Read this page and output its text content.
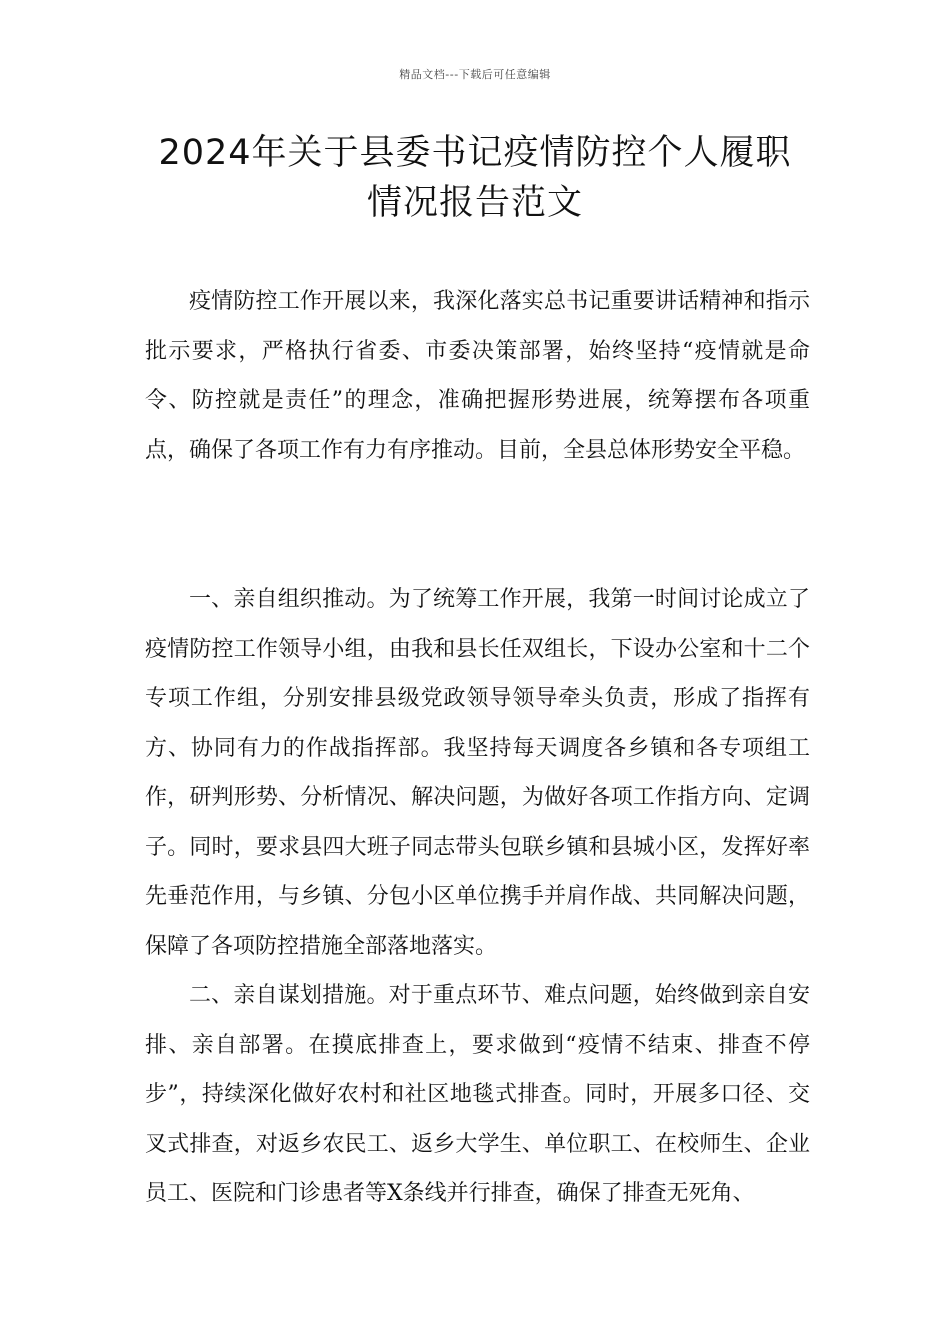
精品文档---下载后可任意编辑
2024年关于县委书记疫情防控个人履职
情况报告范文

疫情防控工作开展以来，我深化落实总书记重要讲话精神和指示批示要求，严格执行省委、市委决策部署，始终坚持“疫情就是命令、防控就是责任”的理念，准确把握形势进展，统筹摆布各项重点，确保了各项工作有力有序推动。目前，全县总体形势安全平稳。

一、亲自组织推动。为了统筹工作开展，我第一时间讨论成立了疫情防控工作领导小组，由我和县长任双组长，下设办公室和十二个专项工作组，分别安排县级党政领导领导牵头负责，形成了指挥有方、协同有力的作战指挥部。我坚持每天调度各乡镇和各专项组工作，研判形势、分析情况、解决问题，为做好各项工作指方向、定调子。同时，要求县四大班子同志带头包联乡镇和县城小区，发挥好率先垂范作用，与乡镇、分包小区单位携手并肩作战、共同解决问题，保障了各项防控措施全部落地落实。

二、亲自谋划措施。对于重点环节、难点问题，始终做到亲自安排、亲自部署。在摸底排查上，要求做到“疫情不结束、排查不停步”，持续深化做好农村和社区地毯式排查。同时，开展多口径、交叉式排查，对返乡农民工、返乡大学生、单位职工、在校师生、企业员工、医院和门诊患者等X条线并行排查，确保了排查无死角、
